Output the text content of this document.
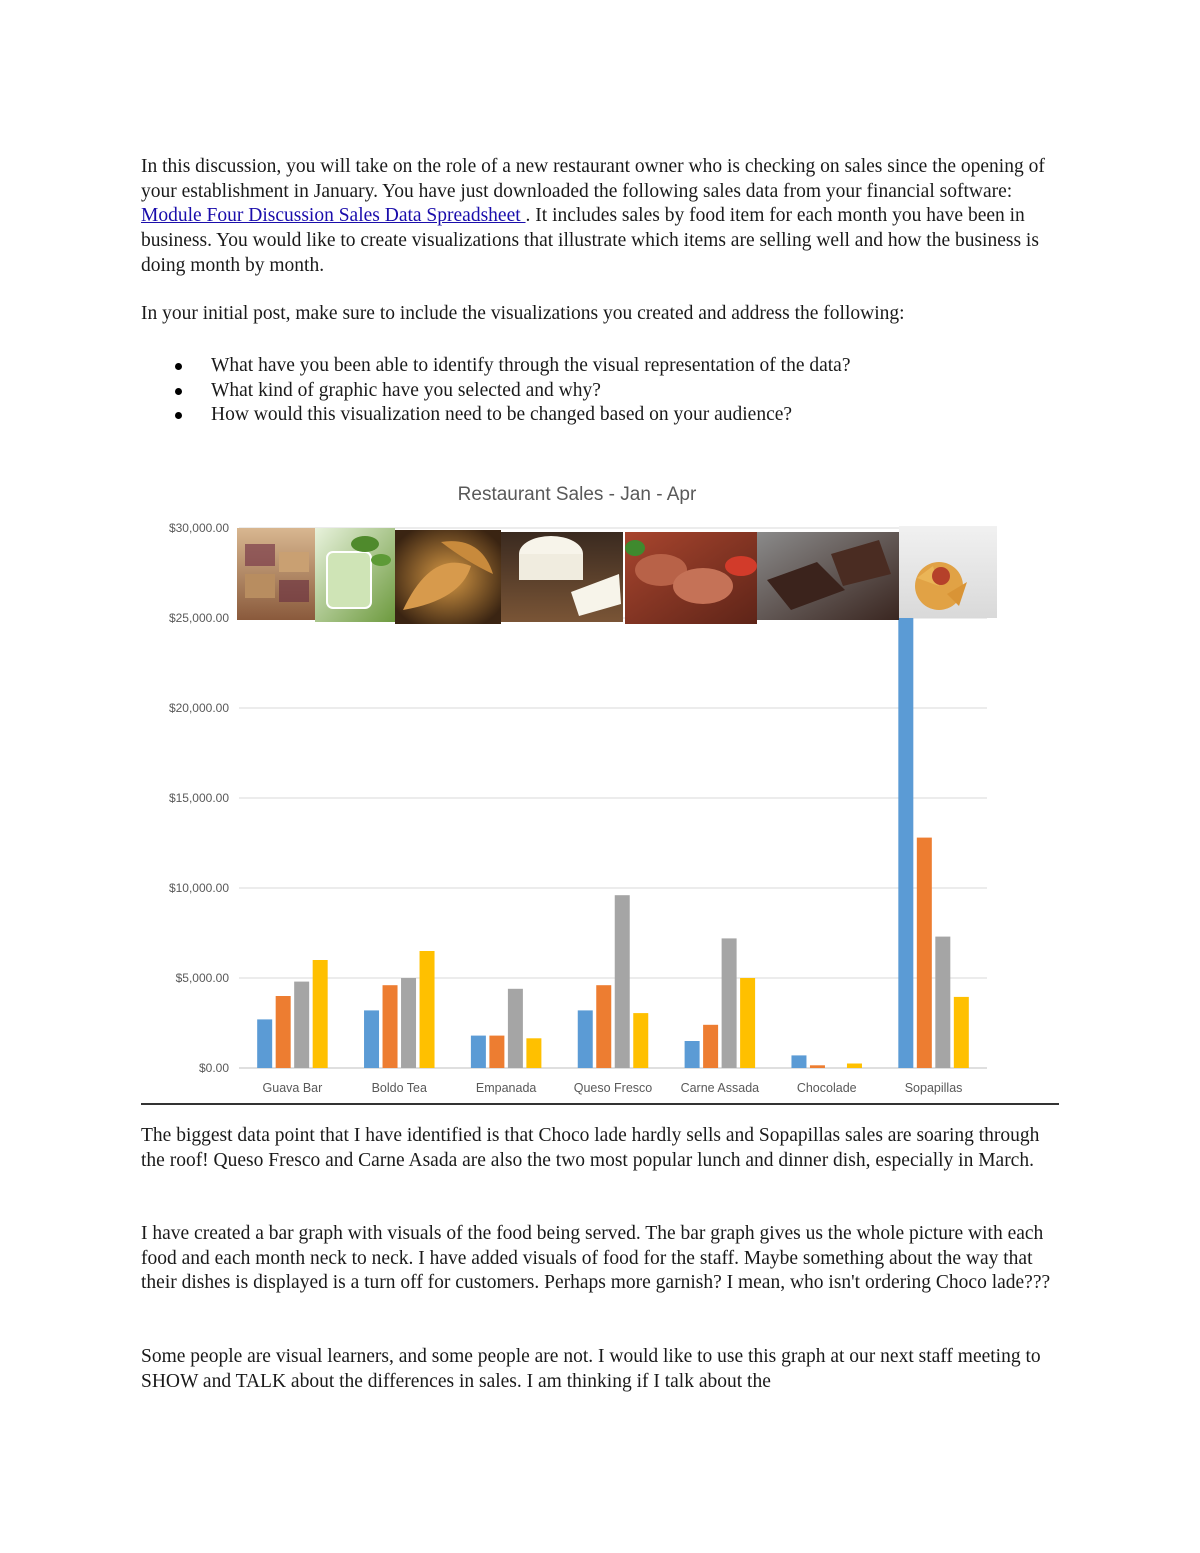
In this discussion, you will take on the role of a new restaurant owner who is checking on sales since the opening of your establishment in January. You have just downloaded the following sales data from your financial software: Module Four Discussion Sales Data Spreadsheet . It includes sales by food item for each month you have been in business. You would like to create visualizations that illustrate which items are selling well and how the business is doing month by month.

In your initial post, make sure to include the visualizations you created and address the following:

What have you been able to identify through the visual representation of the data?
What kind of graphic have you selected and why?
How would this visualization need to be changed based on your audience?
Restaurant Sales - Jan - Apr
$0.00
$5,000.00
$10,000.00
$15,000.00
$20,000.00
$25,000.00
$30,000.00
Guava Bar	Boldo Tea	Empanada	Queso Fresco Carne Assada	Chocolade	Sopapillas

The biggest data point that I have identified is that Choco lade hardly sells and Sopapillas sales are soaring through the roof! Queso Fresco and Carne Asada are also the two most popular lunch and dinner dish, especially in March.

I have created a bar graph with visuals of the food being served. The bar graph gives us the whole picture with each food and each month neck to neck. I have added visuals of food for the staff. Maybe something about the way that their dishes is displayed is a turn off for customers. Perhaps more garnish? I mean, who isn't ordering Choco lade???

Some people are visual learners, and some people are not. I would like to use this graph at our next staff meeting to SHOW and TALK about the differences in sales. I am thinking if I talk about the
